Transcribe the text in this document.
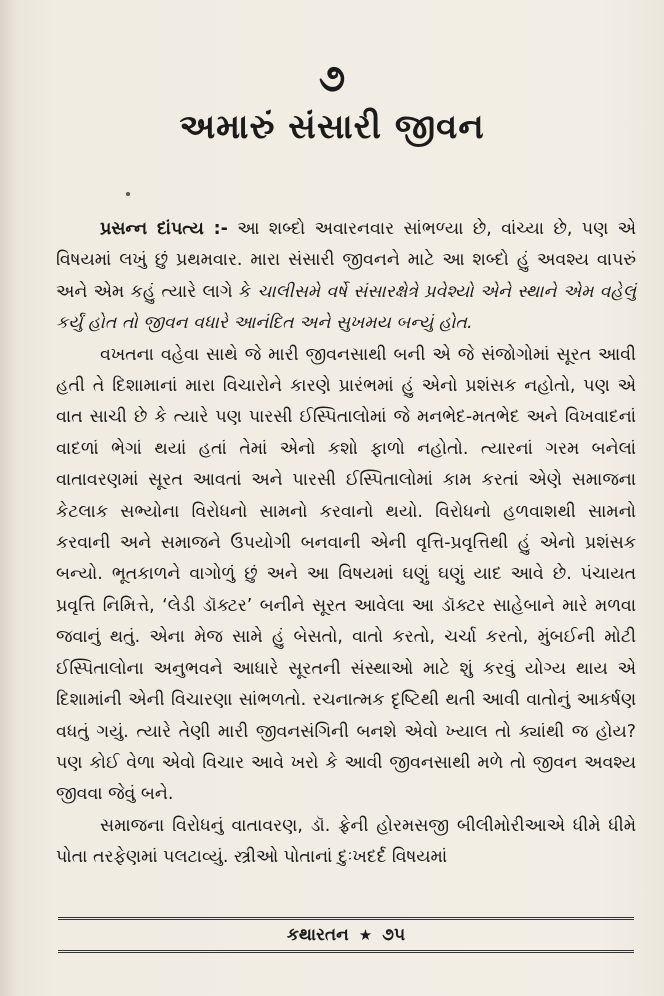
૭
અમારું સંસારી જીવન

પ્રસન્ન દાંપત્ય :- આ શબ્દો અવારનવાર સાંભળ્યા છે, વાંચ્યા છે, પણ એ વિષયમાં લખું છું પ્રથમવાર. મારા સંસારી જીવનને માટે આ શબ્દો હું અવશ્ય વાપરું અને એમ કહું ત્યારે લાગે કે ચાલીસમે વર્ષે સંસારક્ષેત્રે પ્રવેશ્યો એને સ્થાને એમ વહેલું કર્યું હોત તો જીવન વધારે આનંદિત અને સુખમય બન્યું હોત.

વખતના વહેવા સાથે જે મારી જીવનસાથી બની એ જે સંજોગોમાં સૂરત આવી હતી તે દિશામાનાં મારા વિચારોને કારણે પ્રારંભમાં હું એનો પ્રશંસક નહોતો, પણ એ વાત સાચી છે કે ત્યારે પણ પારસી ઈસ્પિતાલોમાં જે મનભેદ-મતભેદ અને વિખવાદનાં વાદળાં ભેગાં થયાં હતાં તેમાં એનો કશો ફાળો નહોતો. ત્યારનાં ગરમ બનેલાં વાતાવરણમાં સૂરત આવતાં અને પારસી ઈસ્પિતાલોમાં કામ કરતાં એણે સમાજના કેટલાક સભ્યોના વિરોધનો સામનો કરવાનો થયો. વિરોધનો હળવાશથી સામનો કરવાની અને સમાજને ઉપયોગી બનવાની એની વૃત્તિ-પ્રવૃત્તિથી હું એનો પ્રશંસક બન્યો. ભૂતકાળને વાગોળું છું અને આ વિષયમાં ઘણું ઘણું યાદ આવે છે. પંચાયત પ્રવૃત્તિ નિમિત્તે, ‘લેડી ડૉક્ટર’ બનીને સૂરત આવેલા આ ડૉક્ટર સાહેબાને મારે મળવા જવાનું થતું. એના મેજ સામે હું બેસતો, વાતો કરતો, ચર્ચા કરતો, મુંબઈની મોટી ઈસ્પિતાલોના અનુભવને આધારે સૂરતની સંસ્થાઓ માટે શું કરવું યોગ્ય થાય એ દિશામાંની એની વિચારણા સાંભળતો. રચનાત્મક દૃષ્ટિથી થતી આવી વાતોનું આકર્ષણ વધતું ગયું. ત્યારે તેણી મારી જીવનસંગિની બનશે એવો ખ્યાલ તો ક્યાંથી જ હોય? પણ કોઈ વેળા એવો વિચાર આવે ખરો કે આવી જીવનસાથી મળે તો જીવન અવશ્ય જીવવા જેવું બને.

સમાજના વિરોધનું વાતાવરણ, ડૉ. ફ્રેની હોરમસજી બીલીમોરીઆએ ધીમે ધીમે પોતા તરફેણમાં પલટાવ્યું. સ્ત્રીઓ પોતાનાં દુઃખદર્દ વિષયમાં

કથારતન ★ ૭૫
